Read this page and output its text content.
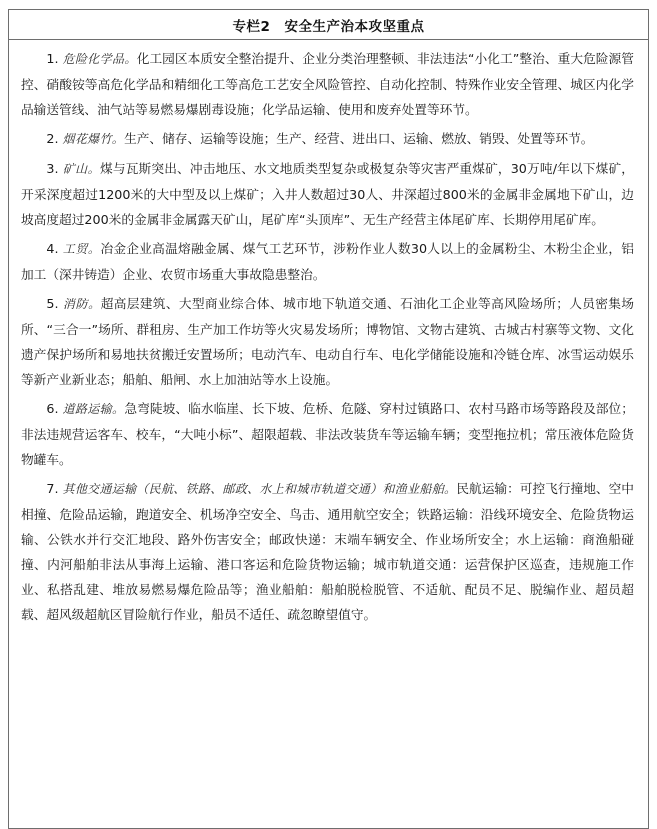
专栏2 安全生产治本攻坚重点

1. 危险化学品。化工园区本质安全整治提升、企业分类治理整顿、非法违法“小化工”整治、重大危险源管控、硝酸铵等高危化学品和精细化工等高危工艺安全风险管控、自动化控制、特殊作业安全管理、城区内化学品输送管线、油气站等易燃易爆剧毒设施；化学品运输、使用和废弃处置等环节。

2. 烟花爆竹。生产、储存、运输等设施；生产、经营、进出口、运输、燃放、销毁、处置等环节。

3. 矿山。煤与瓦斯突出、冲击地压、水文地质类型复杂或极复杂等灾害严重煤矿，30万吨/年以下煤矿，开采深度超过1200米的大中型及以上煤矿；入井人数超过30人、井深超过800米的金属非金属地下矿山，边坡高度超过200米的金属非金属露天矿山，尾矿库“头顶库”、无生产经营主体尾矿库、长期停用尾矿库。

4. 工贸。冶金企业高温熔融金属、煤气工艺环节，涉粉作业人数30人以上的金属粉尘、木粉尘企业，铝加工（深井铸造）企业、农贸市场重大事故隐患整治。

5. 消防。超高层建筑、大型商业综合体、城市地下轨道交通、石油化工企业等高风险场所；人员密集场所、“三合一”场所、群租房、生产加工作坊等火灾易发场所；博物馆、文物古建筑、古城古村寨等文物、文化遗产保护场所和易地扶贫搬迁安置场所；电动汽车、电动自行车、电化学储能设施和冷链仓库、冰雪运动娱乐等新产业新业态；船舶、船闸、水上加油站等水上设施。

6. 道路运输。急弯陡坡、临水临崖、长下坡、危桥、危隧、穿村过镇路口、农村马路市场等路段及部位；非法违规营运客车、校车，“大吨小标”、超限超载、非法改装货车等运输车辆；变型拖拉机；常压液体危险货物罐车。

7. 其他交通运输（民航、铁路、邮政、水上和城市轨道交通）和渔业船舶。民航运输：可控飞行撞地、空中相撞、危险品运输，跑道安全、机场净空安全、鸟击、通用航空安全；铁路运输：沿线环境安全、危险货物运输、公铁水并行交汇地段、路外伤害安全；邮政快递：末端车辆安全、作业场所安全；水上运输：商渔船碰撞、内河船舶非法从事海上运输、港口客运和危险货物运输；城市轨道交通：运营保护区巡查，违规施工作业、私搭乱建、堆放易燃易爆危险品等；渔业船舶：船舶脱检脱管、不适航、配员不足、脱编作业、超员超载、超风级超航区冒险航行作业，船员不适任、疏忽瞭望值守。
